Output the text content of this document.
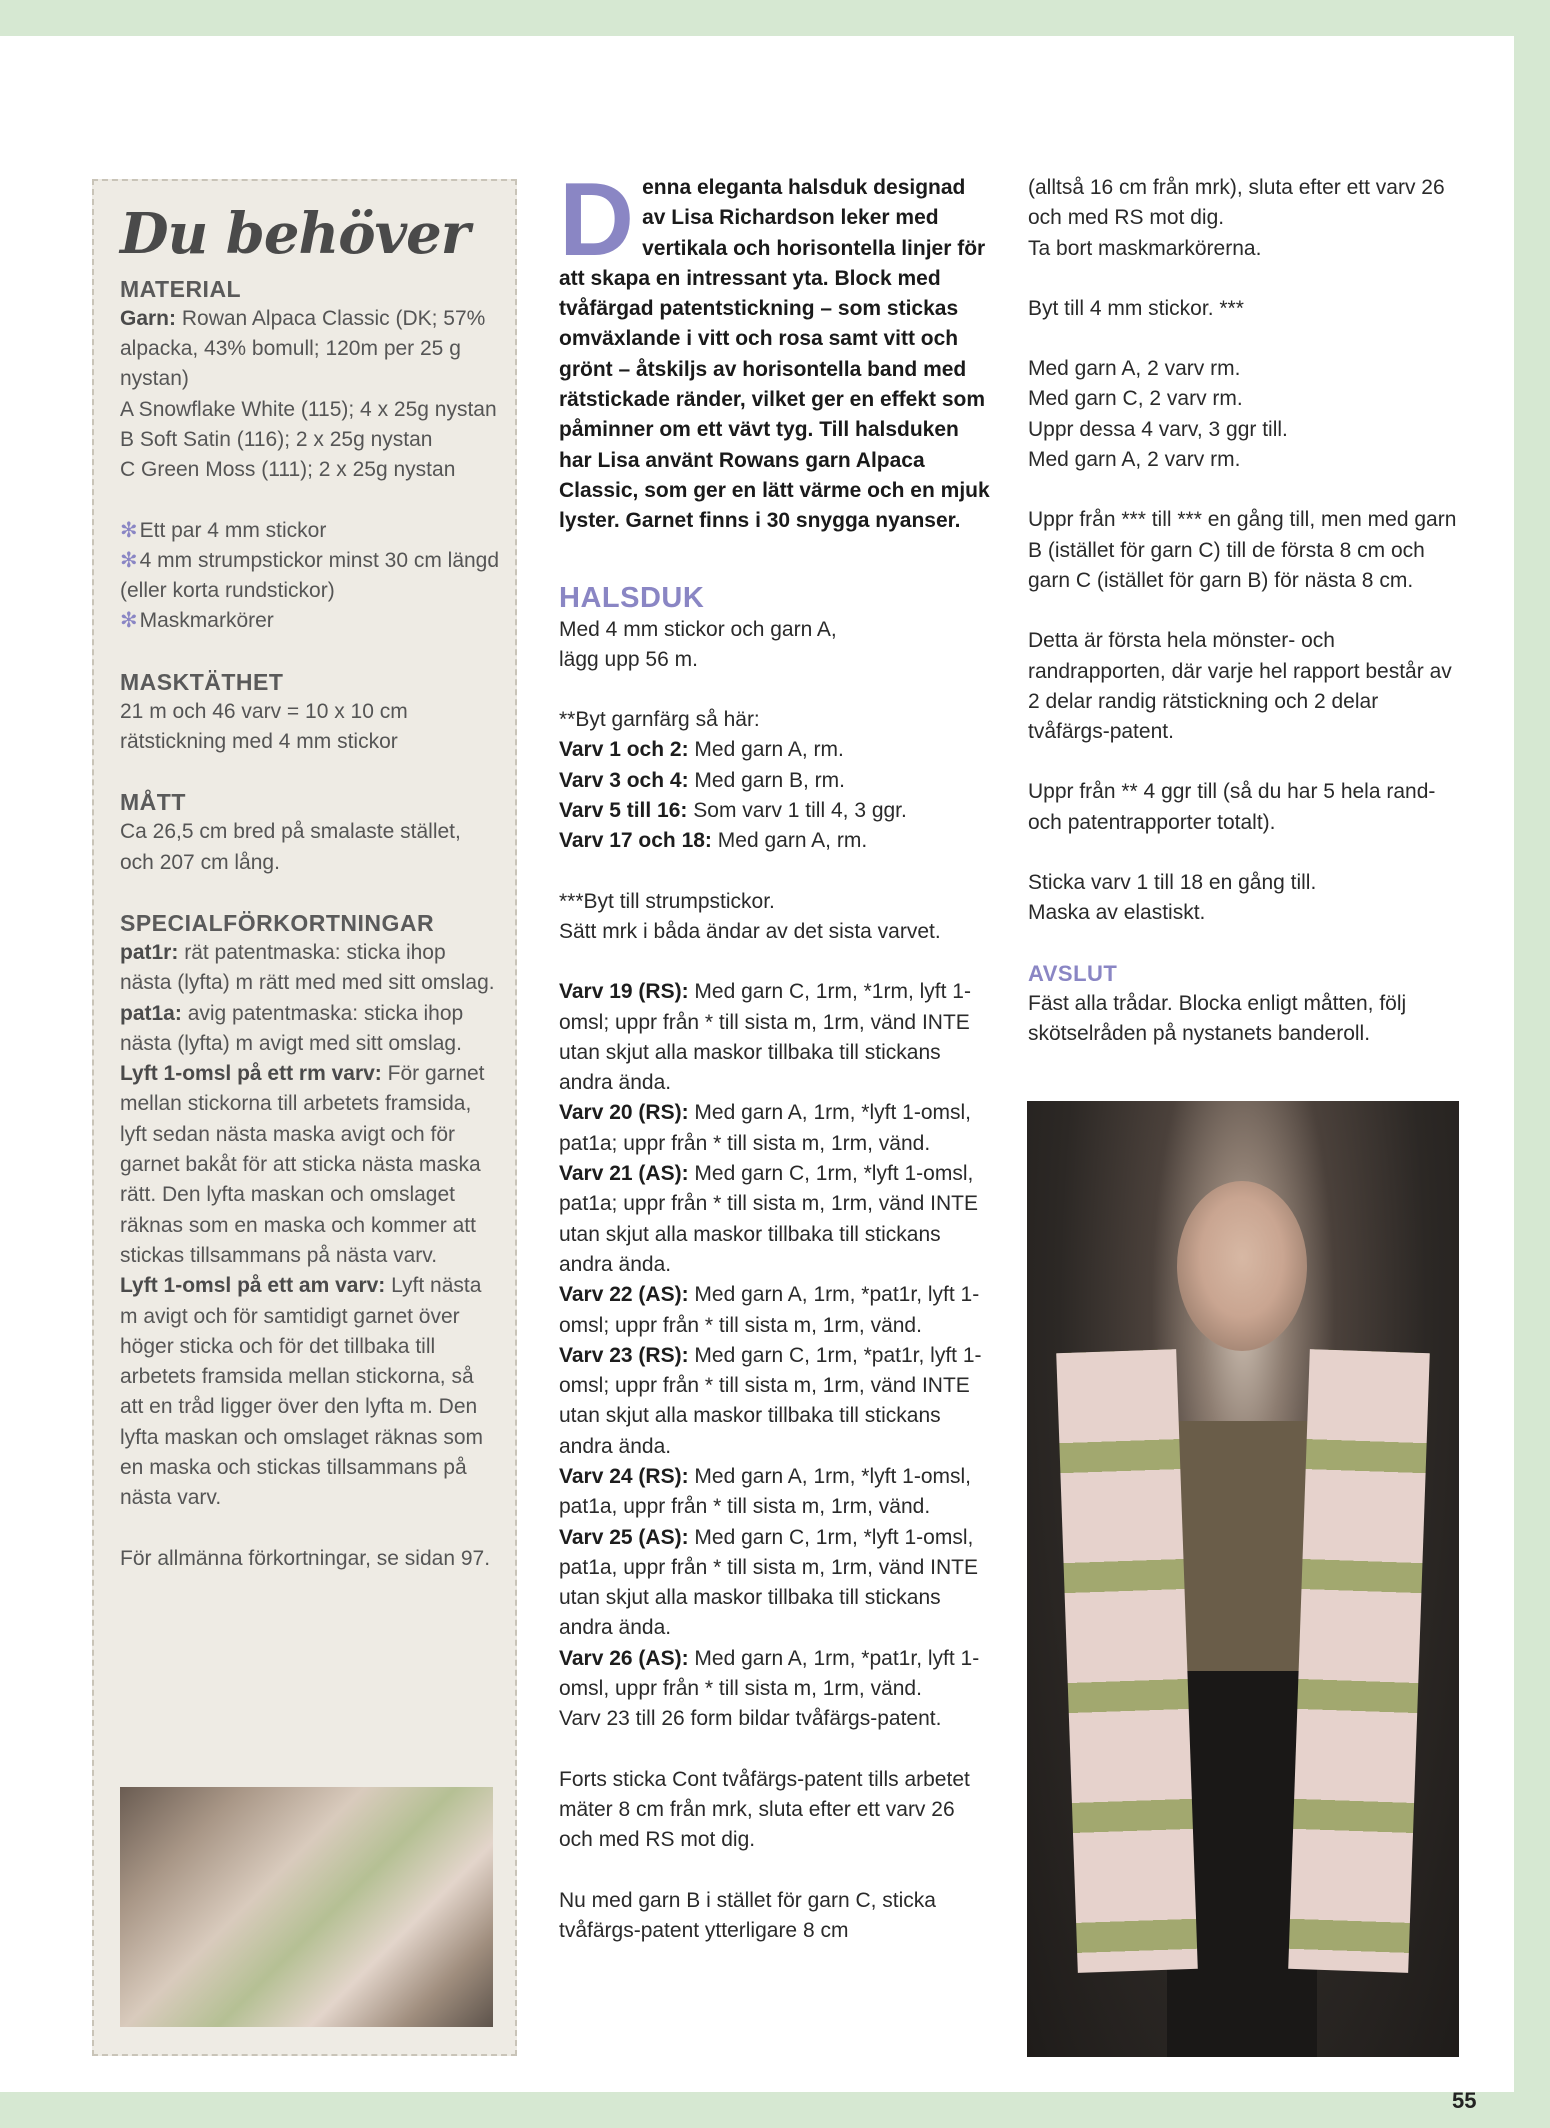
Du behöver

MATERIAL

Garn: Rowan Alpaca Classic (DK; 57% alpacka, 43% bomull; 120m per 25 g nystan)

A Snowflake White (115); 4 x 25g nystan

B Soft Satin (116); 2 x 25g nystan

C Green Moss (111); 2 x 25g nystan

✻Ett par 4 mm stickor

✻4 mm strumpstickor minst 30 cm längd (eller korta rundstickor)

✻Maskmarkörer

MASKTÄTHET

21 m och 46 varv = 10 x 10 cm rätstickning med 4 mm stickor

MÅTT

Ca 26,5 cm bred på smalaste stället, och 207 cm lång.

SPECIALFÖRKORTNINGAR

pat1r: rät patentmaska: sticka ihop nästa (lyfta) m rätt med med sitt omslag.

pat1a: avig patentmaska: sticka ihop nästa (lyfta) m avigt med sitt omslag.

Lyft 1-omsl på ett rm varv: För garnet mellan stickorna till arbetets framsida, lyft sedan nästa maska avigt och för garnet bakåt för att sticka nästa maska rätt. Den lyfta maskan och omslaget räknas som en maska och kommer att stickas tillsammans på nästa varv.

Lyft 1-omsl på ett am varv: Lyft nästa m avigt och för samtidigt garnet över höger sticka och för det tillbaka till arbetets framsida mellan stickorna, så att en tråd ligger över den lyfta m. Den lyfta maskan och omslaget räknas som en maska och stickas tillsammans på nästa varv.

För allmänna förkortningar, se sidan 97.

Denna eleganta halsduk designad av Lisa Richardson leker med vertikala och horisontella linjer för att skapa en intressant yta. Block med tvåfärgad patentstickning – som stickas omväxlande i vitt och rosa samt vitt och grönt – åtskiljs av horisontella band med rätstickade ränder, vilket ger en effekt som påminner om ett vävt tyg. Till halsduken har Lisa använt Rowans garn Alpaca Classic, som ger en lätt värme och en mjuk lyster. Garnet finns i 30 snygga nyanser.

HALSDUK

Med 4 mm stickor och garn A,

lägg upp 56 m.

**Byt garnfärg så här:

Varv 1 och 2: Med garn A, rm.

Varv 3 och 4: Med garn B, rm.

Varv 5 till 16: Som varv 1 till 4, 3 ggr.

Varv 17 och 18: Med garn A, rm.

***Byt till strumpstickor.

Sätt mrk i båda ändar av det sista varvet.

Varv 19 (RS): Med garn C, 1rm, *1rm, lyft 1-omsl; uppr från * till sista m, 1rm, vänd INTE utan skjut alla maskor tillbaka till stickans andra ända.

Varv 20 (RS): Med garn A, 1rm, *lyft 1-omsl, pat1a; uppr från * till sista m, 1rm, vänd.

Varv 21 (AS): Med garn C, 1rm, *lyft 1-omsl, pat1a; uppr från * till sista m, 1rm, vänd INTE utan skjut alla maskor tillbaka till stickans andra ända.

Varv 22 (AS): Med garn A, 1rm, *pat1r, lyft 1-omsl; uppr från * till sista m, 1rm, vänd.

Varv 23 (RS): Med garn C, 1rm, *pat1r, lyft 1-omsl; uppr från * till sista m, 1rm, vänd INTE utan skjut alla maskor tillbaka till stickans andra ända.

Varv 24 (RS): Med garn A, 1rm, *lyft 1-omsl, pat1a, uppr från * till sista m, 1rm, vänd.

Varv 25 (AS): Med garn C, 1rm, *lyft 1-omsl, pat1a, uppr från * till sista m, 1rm, vänd INTE utan skjut alla maskor tillbaka till stickans andra ända.

Varv 26 (AS): Med garn A, 1rm, *pat1r, lyft 1-omsl, uppr från * till sista m, 1rm, vänd.

Varv 23 till 26 form bildar tvåfärgs-patent.

Forts sticka Cont tvåfärgs-patent tills arbetet mäter 8 cm från mrk, sluta efter ett varv 26 och med RS mot dig.

Nu med garn B i stället för garn C, sticka tvåfärgs-patent ytterligare 8 cm

(alltså 16 cm från mrk), sluta efter ett varv 26 och med RS mot dig.

Ta bort maskmarkörerna.

Byt till 4 mm stickor. ***

Med garn A, 2 varv rm.

Med garn C, 2 varv rm.

Uppr dessa 4 varv, 3 ggr till.

Med garn A, 2 varv rm.

Uppr från *** till *** en gång till, men med garn B (istället för garn C) till de första 8 cm och garn C (istället för garn B) för nästa 8 cm.

Detta är första hela mönster- och randrapporten, där varje hel rapport består av 2 delar randig rätstickning och 2 delar tvåfärgs-patent.

Uppr från ** 4 ggr till (så du har 5 hela rand- och patentrapporter totalt).

Sticka varv 1 till 18 en gång till.

Maska av elastiskt.

AVSLUT

Fäst alla trådar. Blocka enligt måtten, följ skötselråden på nystanets banderoll.

55
